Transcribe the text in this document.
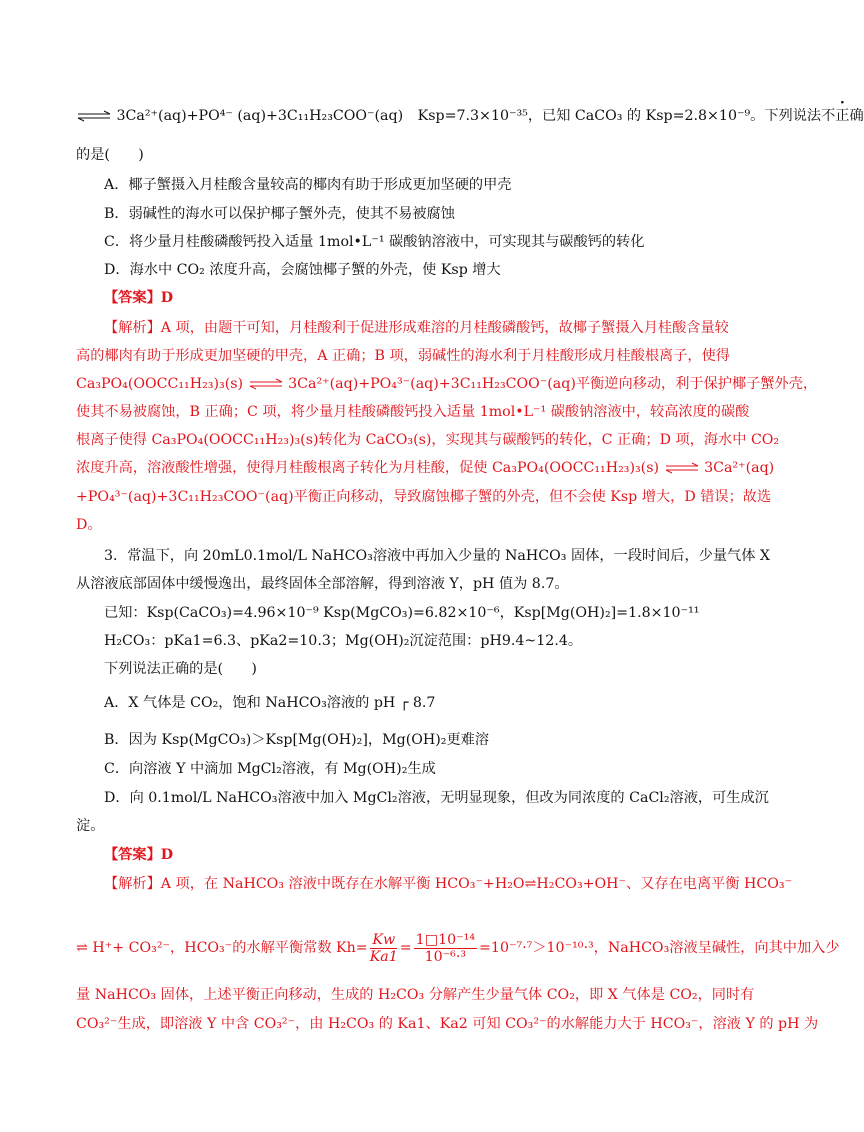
⇌ 3Ca²⁺(aq)+PO⁴⁻ (aq)+3C₁₁H₂₃COO⁻(aq) Ksp=7.3×10⁻³⁵，已知 CaCO₃ 的 Ksp=2.8×10⁻⁹。下列说法不正确
的是(　　)
A．椰子蟹摄入月桂酸含量较高的椰肉有助于形成更加坚硬的甲壳
B．弱碱性的海水可以保护椰子蟹外壳，使其不易被腐蚀
C．将少量月桂酸磷酸钙投入适量 1mol•L⁻¹ 碳酸钠溶液中，可实现其与碳酸钙的转化
D．海水中 CO₂ 浓度升高，会腐蚀椰子蟹的外壳，使 Ksp 增大
【答案】D
【解析】A 项，由题干可知，月桂酸利于促进形成难溶的月桂酸磷酸钙，故椰子蟹摄入月桂酸含量较
高的椰肉有助于形成更加坚硬的甲壳，A 正确；B 项，弱碱性的海水利于月桂酸形成月桂酸根离子，使得
Ca₃PO₄(OOCC₁₁H₂₃)₃(s) ⇌ 3Ca²⁺(aq)+PO₄³⁻(aq)+3C₁₁H₂₃COO⁻(aq)平衡逆向移动，利于保护椰子蟹外壳，
使其不易被腐蚀，B 正确；C 项，将少量月桂酸磷酸钙投入适量 1mol•L⁻¹ 碳酸钠溶液中，较高浓度的碳酸
根离子使得 Ca₃PO₄(OOCC₁₁H₂₃)₃(s)转化为 CaCO₃(s)，实现其与碳酸钙的转化，C 正确；D 项，海水中 CO₂
浓度升高，溶液酸性增强，使得月桂酸根离子转化为月桂酸，促使 Ca₃PO₄(OOCC₁₁H₂₃)₃(s) ⇌ 3Ca²⁺(aq)
+PO₄³⁻(aq)+3C₁₁H₂₃COO⁻(aq)平衡正向移动，导致腐蚀椰子蟹的外壳，但不会使 Ksp 增大，D 错误；故选
D。
3．常温下，向 20mL0.1mol/L NaHCO₃溶液中再加入少量的 NaHCO₃ 固体，一段时间后，少量气体 X
从溶液底部固体中缓慢逸出，最终固体全部溶解，得到溶液 Y，pH 值为 8.7。
已知：Ksp(CaCO₃)=4.96×10⁻⁹ Ksp(MgCO₃)=6.82×10⁻⁶，Ksp[Mg(OH)₂]=1.8×10⁻¹¹
H₂CO₃：pKa1=6.3、pKa2=10.3；Mg(OH)₂沉淀范围：pH9.4~12.4。
下列说法正确的是(　　)
A．X 气体是 CO₂，饱和 NaHCO₃溶液的 pH ┌ 8.7
B．因为 Ksp(MgCO₃)＞Ksp[Mg(OH)₂]，Mg(OH)₂更难溶
C．向溶液 Y 中滴加 MgCl₂溶液，有 Mg(OH)₂生成
D．向 0.1mol/L NaHCO₃溶液中加入 MgCl₂溶液，无明显现象，但改为同浓度的 CaCl₂溶液，可生成沉
淀。
【答案】D
【解析】A 项，在 NaHCO₃ 溶液中既存在水解平衡 HCO₃⁻+H₂O⇌H₂CO₃+OH⁻、又存在电离平衡 HCO₃⁻
⇌ H⁺+ CO₃²⁻，HCO₃⁻的水解平衡常数 $Kh= \frac{Kw}{Ka1} = \frac{\text{1□10⁻¹⁴}}{\text{10⁻⁶·³}} =10^{-7}\cdot^7>10^{-10}\cdot^3$，NaHCO₃溶液呈碱性，向其中加入少
量 NaHCO₃ 固体，上述平衡正向移动，生成的 H₂CO₃ 分解产生少量气体 CO₂，即 X 气体是 CO₂，同时有
CO₃²⁻生成，即溶液 Y 中含 CO₃²⁻，由 H₂CO₃ 的 Ka1、Ka2 可知 CO₃²⁻的水解能力大于 HCO₃⁻，溶液 Y 的 pH 为
